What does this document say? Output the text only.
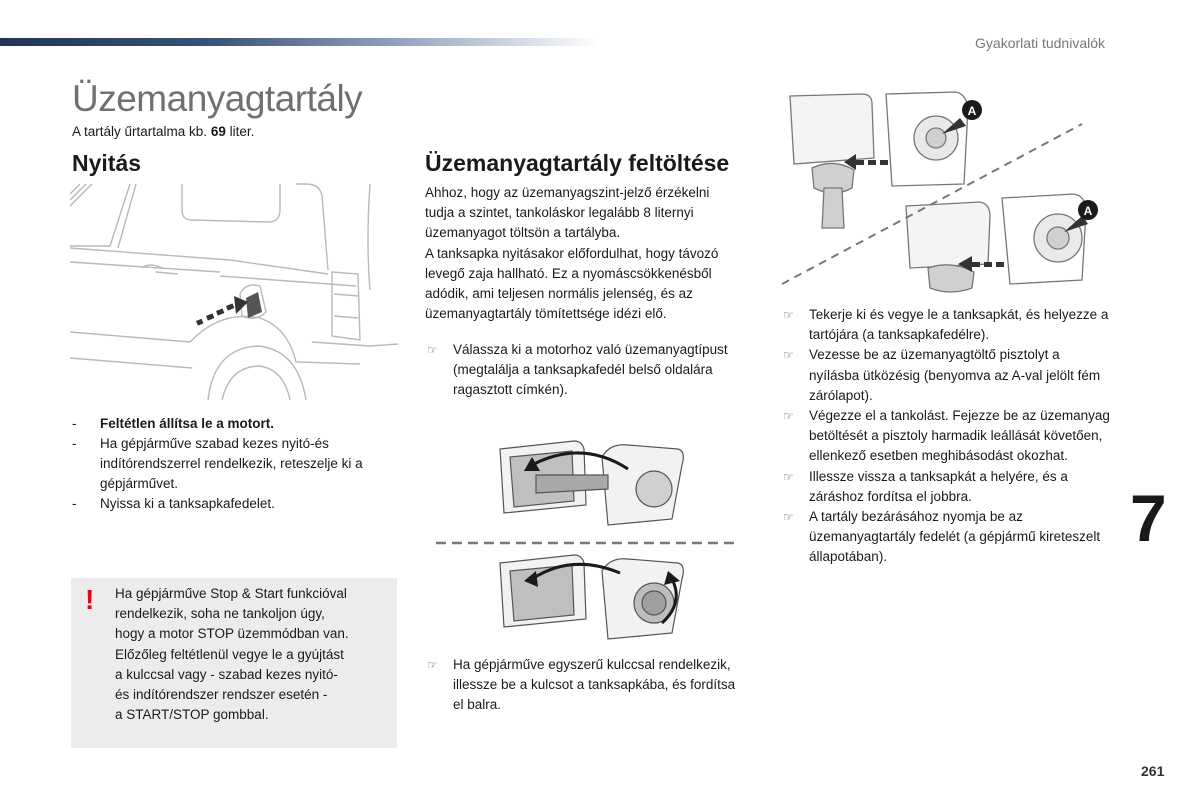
Gyakorlati tudnivalók
Üzemanyagtartály
A tartály űrtartalma kb. 69 liter.
Nyitás
- Feltétlen állítsa le a motort.
- Ha gépjárműve szabad kezes nyitó-és indítórendszerrel rendelkezik, reteszelje ki a gépjárművet.
- Nyissa ki a tanksapkafedelet.
! Ha gépjárműve Stop & Start funkcióval
rendelkezik, soha ne tankoljon úgy,
hogy a motor STOP üzemmódban van.
Előzőleg feltétlenül vegye le a gyújtást
a kulccsal vagy - szabad kezes nyitó-
és indítórendszer rendszer esetén -
a START/STOP gombbal.
Üzemanyagtartály feltöltése
Ahhoz, hogy az üzemanyagszint-jelző érzékelni
tudja a szintet, tankoláskor legalább 8 liternyi
üzemanyagot töltsön a tartályba.
A tanksapka nyitásakor előfordulhat, hogy távozó
levegő zaja hallható. Ez a nyomáscsökkenésből
adódik, ami teljesen normális jelenség, és az
üzemanyagtartály tömítettsége idézi elő.
☞ Válassza ki a motorhoz való üzemanyagtípust (megtalálja a tanksapkafedél belső oldalára ragasztott címkén).
☞ Ha gépjárműve egyszerű kulccsal rendelkezik, illessze be a kulcsot a tanksapkába, és fordítsa el balra.
A
A
☞ Tekerje ki és vegye le a tanksapkát, és helyezze a tartójára (a tanksapkafedélre).
☞ Vezesse be az üzemanyagtöltő pisztolyt a nyílásba ütközésig (benyomva az A-val jelölt fém zárólapot).
☞ Végezze el a tankolást. Fejezze be az üzemanyag betöltését a pisztoly harmadik leállását követően, ellenkező esetben meghibásodást okozhat.
☞ Illessze vissza a tanksapkát a helyére, és a záráshoz fordítsa el jobbra.
☞ A tartály bezárásához nyomja be az üzemanyagtartály fedelét (a gépjármű kireteszelt állapotában).
7
261
